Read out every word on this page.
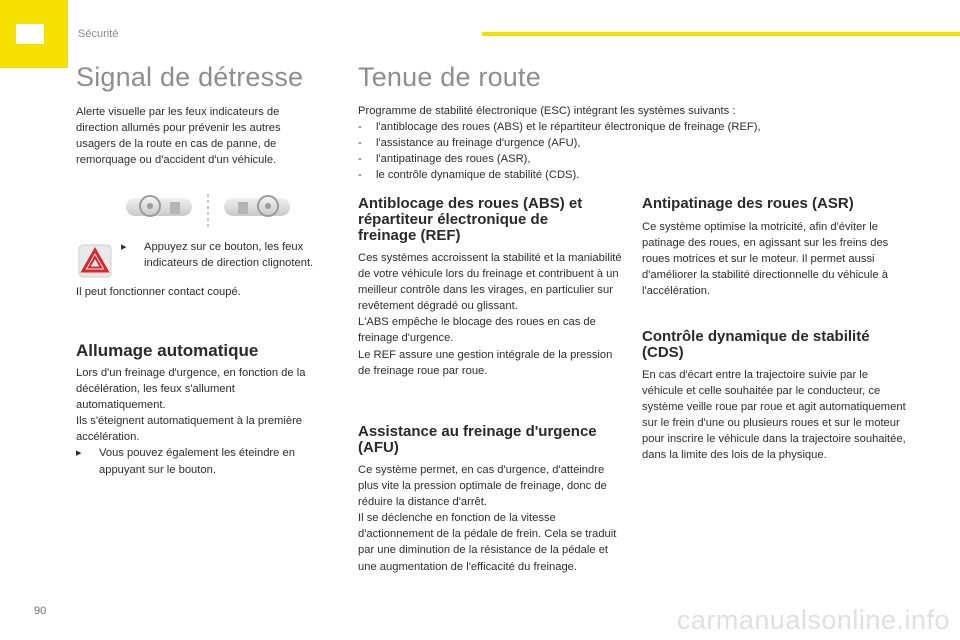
Sécurité
Signal de détresse

Alerte visuelle par les feux indicateurs de direction allumés pour prévenir les autres usagers de la route en cas de panne, de remorquage ou d'accident d'un véhicule.

▸	Appuyez sur ce bouton, les feux indicateurs de direction clignotent.

Il peut fonctionner contact coupé.

Allumage automatique

Lors d'un freinage d'urgence, en fonction de la décélération, les feux s'allument automatiquement.

Ils s'éteignent automatiquement à la première accélération.

▸	Vous pouvez également les éteindre en appuyant sur le bouton.
Tenue de route

Programme de stabilité électronique (ESC) intégrant les systèmes suivants :

-	l'antiblocage des roues (ABS) et le répartiteur électronique de freinage (REF),
-	l'assistance au freinage d'urgence (AFU),
-	l'antipatinage des roues (ASR),
-	le contrôle dynamique de stabilité (CDS).
Antiblocage des roues (ABS) et répartiteur électronique de freinage (REF)

Ces systèmes accroissent la stabilité et la maniabilité de votre véhicule lors du freinage et contribuent à un meilleur contrôle dans les virages, en particulier sur revêtement dégradé ou glissant.

L'ABS empêche le blocage des roues en cas de freinage d'urgence.

Le REF assure une gestion intégrale de la pression de freinage roue par roue.

Assistance au freinage d'urgence (AFU)

Ce système permet, en cas d'urgence, d'atteindre plus vite la pression optimale de freinage, donc de réduire la distance d'arrêt.

Il se déclenche en fonction de la vitesse d'actionnement de la pédale de frein. Cela se traduit par une diminution de la résistance de la pédale et une augmentation de l'efficacité du freinage.

Antipatinage des roues (ASR)

Ce système optimise la motricité, afin d'éviter le patinage des roues, en agissant sur les freins des roues motrices et sur le moteur. Il permet aussi d'améliorer la stabilité directionnelle du véhicule à l'accélération.

Contrôle dynamique de stabilité (CDS)

En cas d'écart entre la trajectoire suivie par le véhicule et celle souhaitée par le conducteur, ce système veille roue par roue et agit automatiquement sur le frein d'une ou plusieurs roues et sur le moteur pour inscrire le véhicule dans la trajectoire souhaitée, dans la limite des lois de la physique.

90	carmanualsonline.info
